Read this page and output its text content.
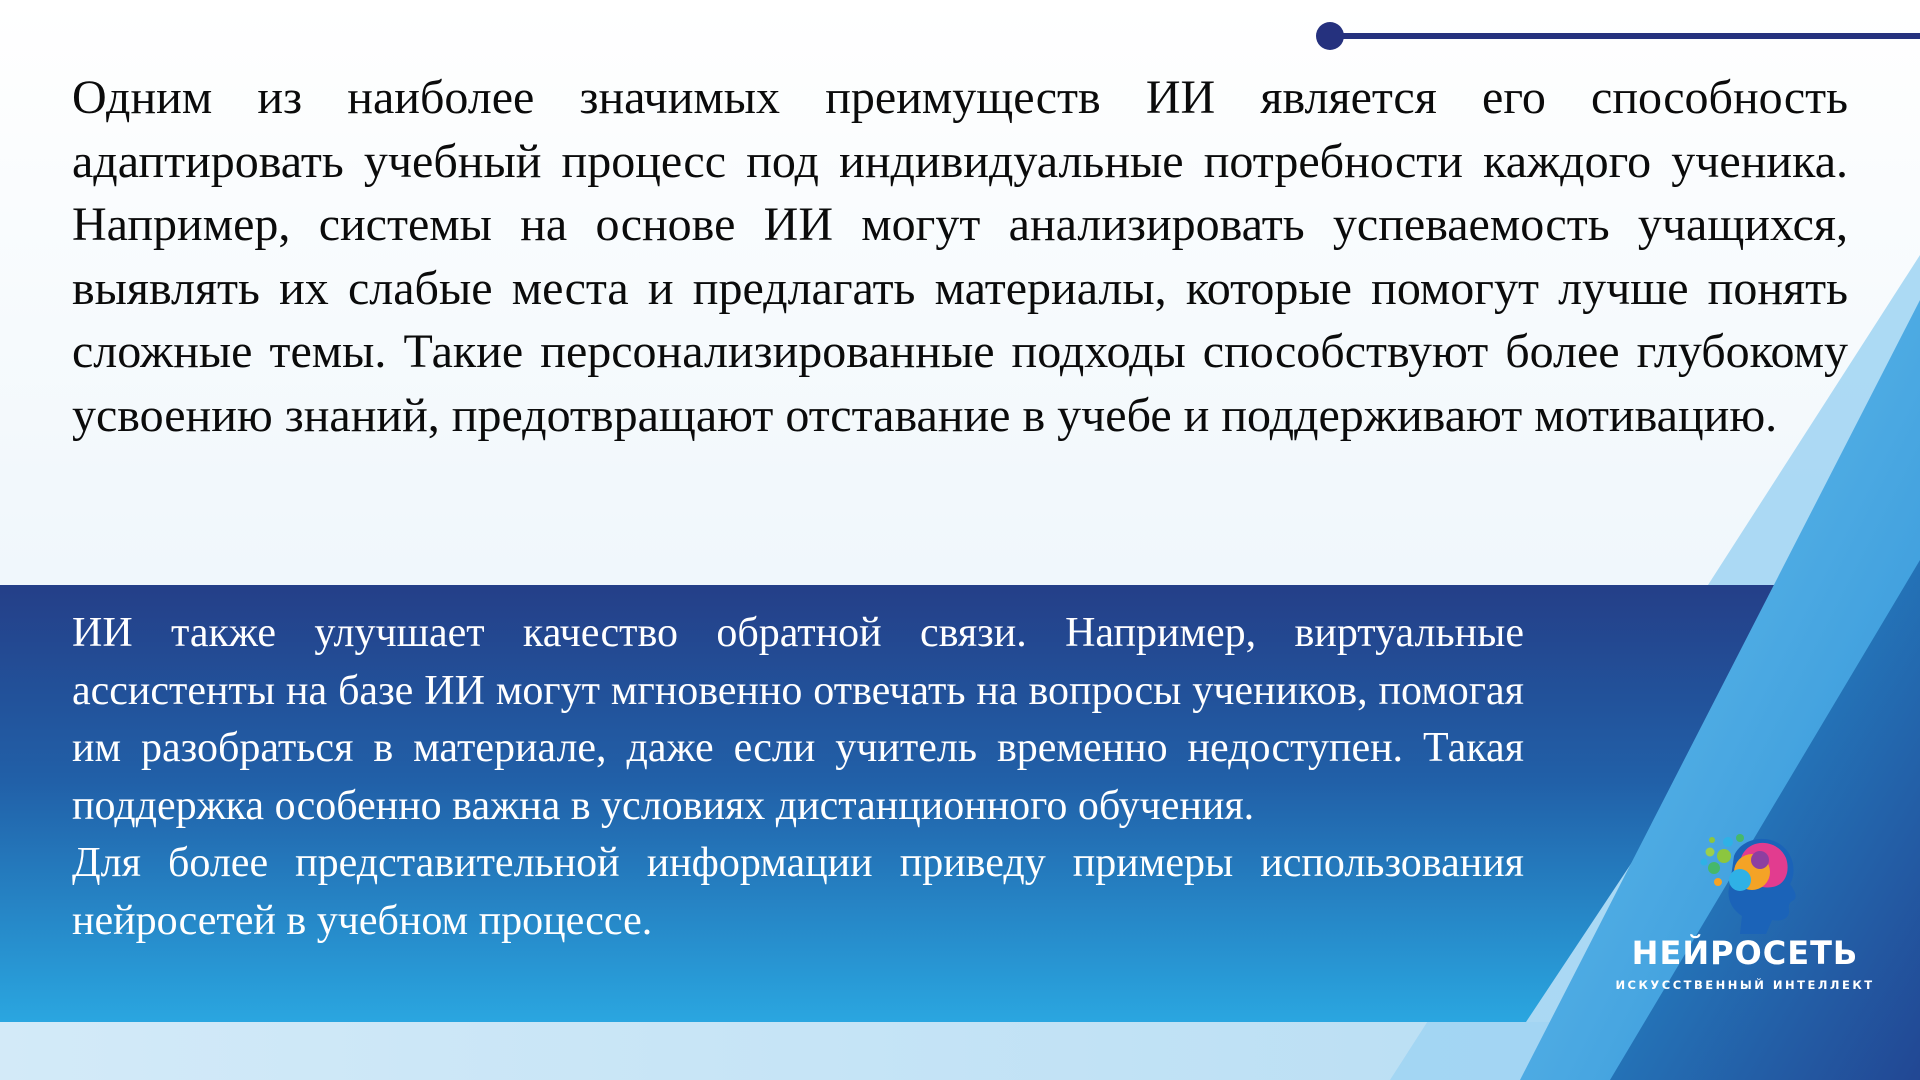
Одним из наиболее значимых преимуществ ИИ является его способность адаптировать учебный процесс под индивидуальные потребности каждого ученика. Например, системы на основе ИИ могут анализировать успеваемость учащихся, выявлять их слабые места и предлагать материалы, которые помогут лучше понять сложные темы. Такие персонализированные подходы способствуют более глубокому усвоению знаний, предотвращают отставание в учебе и поддерживают мотивацию.

ИИ также улучшает качество обратной связи. Например, виртуальные ассистенты на базе ИИ могут мгновенно отвечать на вопросы учеников, помогая им разобраться в материале, даже если учитель временно недоступен. Такая поддержка особенно важна в условиях дистанционного обучения.
Для более представительной информации приведу примеры использования нейросетей в учебном процессе.
НЕЙРОСЕТЬ
ИСКУССТВЕННЫЙ ИНТЕЛЛЕКТ
